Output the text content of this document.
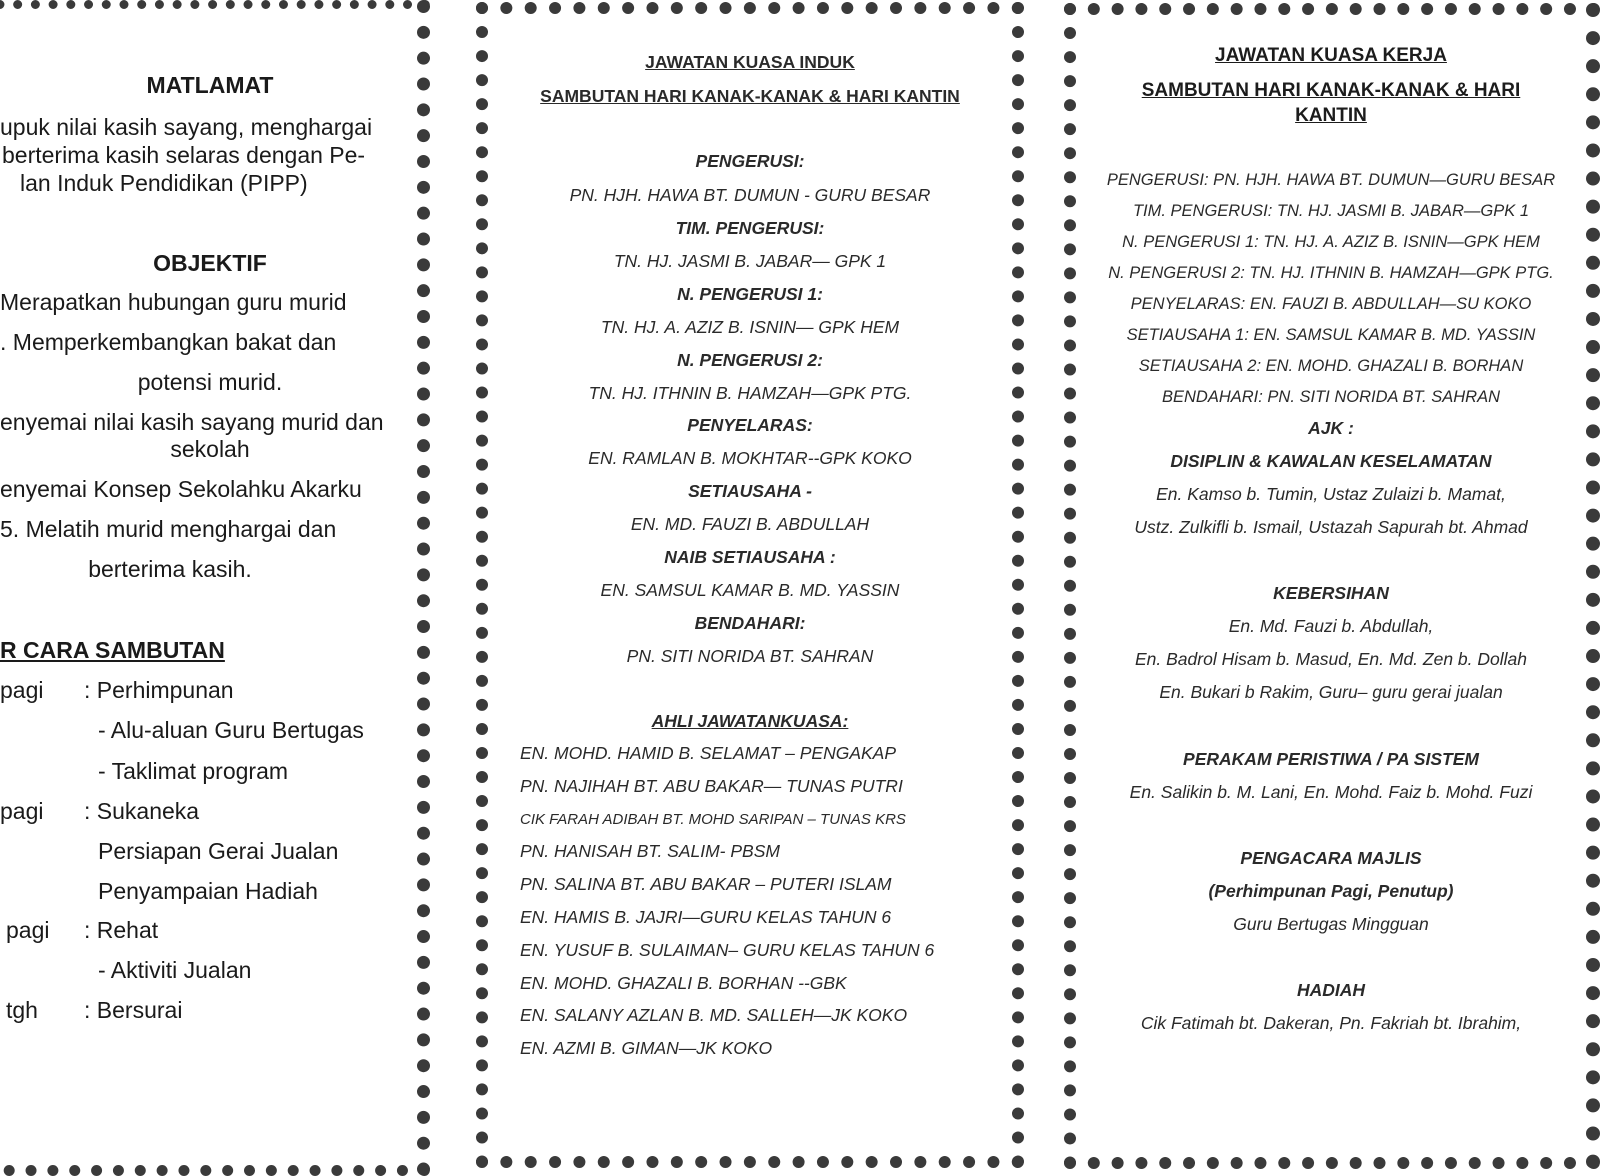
MATLAMAT
upuk nilai kasih sayang, menghargai
berterima kasih selaras dengan Pe-
lan Induk Pendidikan (PIPP)
OBJEKTIF
Merapatkan hubungan guru murid
. Memperkembangkan bakat dan
potensi murid.
enyemai nilai kasih sayang murid dan
sekolah
enyemai Konsep Sekolahku Akarku
5. Melatih murid menghargai dan
berterima kasih.
R CARA SAMBUTAN
pagi : Perhimpunan
- Alu-aluan Guru Bertugas
- Taklimat program
pagi : Sukaneka
Persiapan Gerai Jualan
Penyampaian Hadiah
pagi : Rehat
- Aktiviti Jualan
tgh : Bersurai
JAWATAN KUASA INDUK
SAMBUTAN HARI KANAK-KANAK & HARI KANTIN
PENGERUSI:
PN. HJH. HAWA BT. DUMUN - GURU BESAR
TIM. PENGERUSI:
TN. HJ. JASMI B. JABAR— GPK 1
N. PENGERUSI 1:
TN. HJ. A. AZIZ B. ISNIN— GPK HEM
N. PENGERUSI 2:
TN. HJ. ITHNIN B. HAMZAH—GPK PTG.
PENYELARAS:
EN. RAMLAN B. MOKHTAR--GPK KOKO
SETIAUSAHA -
EN. MD. FAUZI B. ABDULLAH
NAIB SETIAUSAHA :
EN. SAMSUL KAMAR B. MD. YASSIN
BENDAHARI:
PN. SITI NORIDA BT. SAHRAN
AHLI JAWATANKUASA:
EN. MOHD. HAMID B. SELAMAT – PENGAKAP
PN. NAJIHAH BT. ABU BAKAR— TUNAS PUTRI
CIK FARAH ADIBAH BT. MOHD SARIPAN – TUNAS KRS
PN. HANISAH BT. SALIM- PBSM
PN. SALINA BT. ABU BAKAR – PUTERI ISLAM
EN. HAMIS B. JAJRI—GURU KELAS TAHUN 6
EN. YUSUF B. SULAIMAN– GURU KELAS TAHUN 6
EN. MOHD. GHAZALI B. BORHAN --GBK
EN. SALANY AZLAN B. MD. SALLEH—JK KOKO
EN. AZMI B. GIMAN—JK KOKO
JAWATAN KUASA KERJA
SAMBUTAN HARI KANAK-KANAK & HARI
KANTIN
PENGERUSI: PN. HJH. HAWA BT. DUMUN—GURU BESAR
TIM. PENGERUSI: TN. HJ. JASMI B. JABAR—GPK 1
N. PENGERUSI 1: TN. HJ. A. AZIZ B. ISNIN—GPK HEM
N. PENGERUSI 2: TN. HJ. ITHNIN B. HAMZAH—GPK PTG.
PENYELARAS: EN. FAUZI B. ABDULLAH—SU KOKO
SETIAUSAHA 1: EN. SAMSUL KAMAR B. MD. YASSIN
SETIAUSAHA 2: EN. MOHD. GHAZALI B. BORHAN
BENDAHARI: PN. SITI NORIDA BT. SAHRAN
AJK :
DISIPLIN & KAWALAN KESELAMATAN
En. Kamso b. Tumin, Ustaz Zulaizi b. Mamat,
Ustz. Zulkifli b. Ismail, Ustazah Sapurah bt. Ahmad
KEBERSIHAN
En. Md. Fauzi b. Abdullah,
En. Badrol Hisam b. Masud, En. Md. Zen b. Dollah
En. Bukari b Rakim, Guru– guru gerai jualan
PERAKAM PERISTIWA / PA SISTEM
En. Salikin b. M. Lani, En. Mohd. Faiz b. Mohd. Fuzi
PENGACARA MAJLIS
(Perhimpunan Pagi, Penutup)
Guru Bertugas Mingguan
HADIAH
Cik Fatimah bt. Dakeran, Pn. Fakriah bt. Ibrahim,
